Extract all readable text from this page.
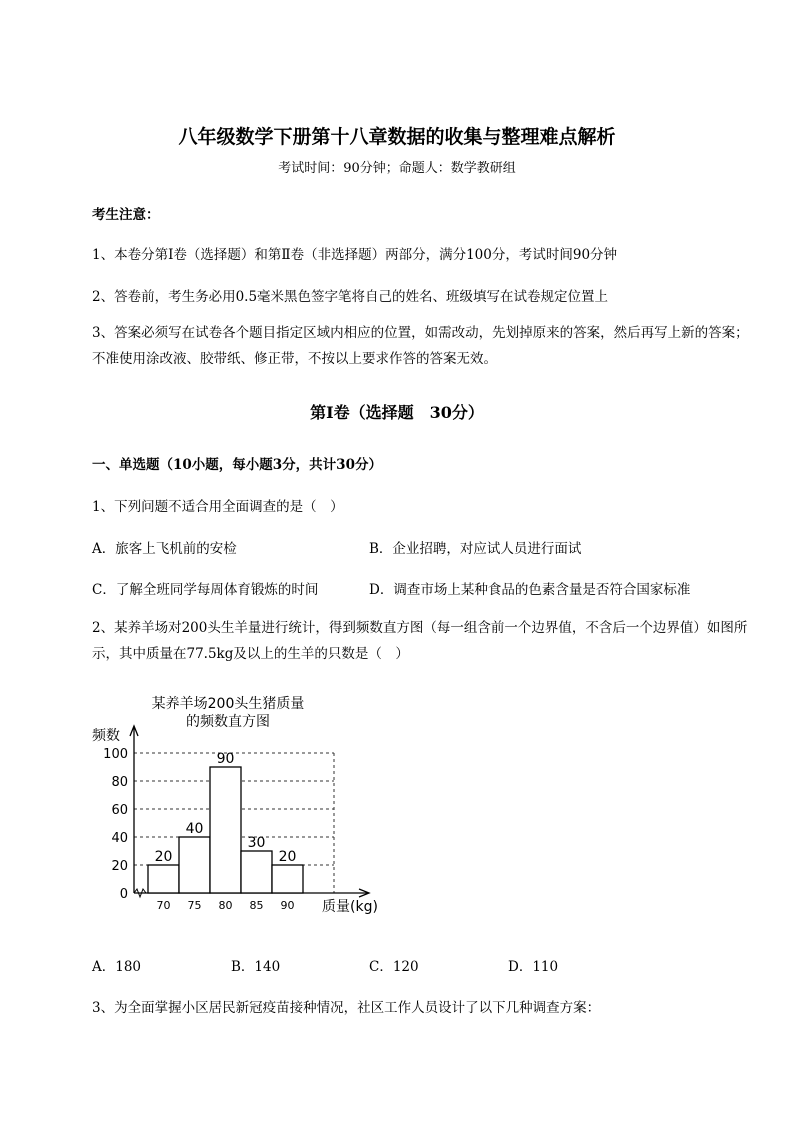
八年级数学下册第十八章数据的收集与整理难点解析
考试时间：90分钟；命题人：数学教研组
考生注意：
1、本卷分第I卷（选择题）和第Ⅱ卷（非选择题）两部分，满分100分，考试时间90分钟
2、答卷前，考生务必用0.5毫米黑色签字笔将自己的姓名、班级填写在试卷规定位置上
3、答案必须写在试卷各个题目指定区域内相应的位置，如需改动，先划掉原来的答案，然后再写上新的答案；不准使用涂改液、胶带纸、修正带，不按以上要求作答的答案无效。
第I卷（选择题　30分）
一、单选题（10小题，每小题3分，共计30分）
1、下列问题不适合用全面调查的是（　）
A．旅客上飞机前的安检	B．企业招聘，对应试人员进行面试
C．了解全班同学每周体育锻炼的时间	D．调查市场上某种食品的色素含量是否符合国家标准
2、某养羊场对200头生羊量进行统计，得到频数直方图（每一组含前一个边界值，不含后一个边界值）如图所示，其中质量在77.5kg及以上的生羊的只数是（　）
某养羊场200头生猪质量
的频数直方图
频数
100
80
60
40
20
0
20
40
90
30
20
70 75 80 85 90 质量(kg)
A．180	B．140	C．120	D．110
3、为全面掌握小区居民新冠疫苗接种情况，社区工作人员设计了以下几种调查方案：
